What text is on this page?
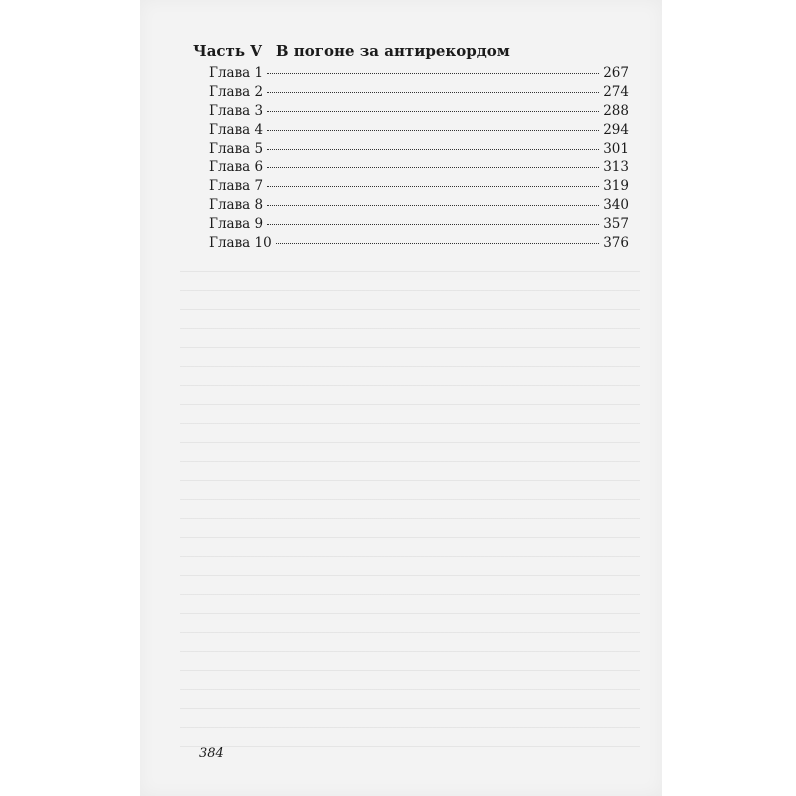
Часть V В погоне за антирекордом
Глава 1	267
Глава 2	274
Глава 3	288
Глава 4	294
Глава 5	301
Глава 6	313
Глава 7	319
Глава 8	340
Глава 9	357
Глава 10	376
384
